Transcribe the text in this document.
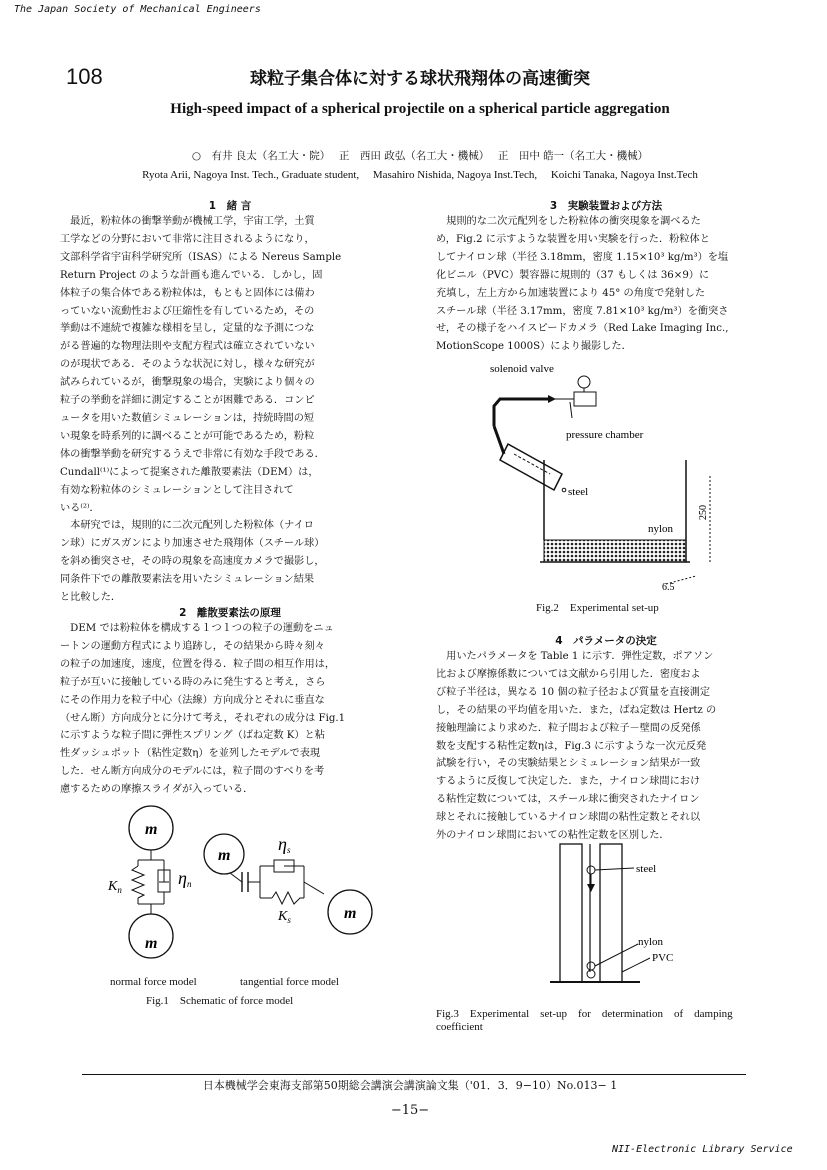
The Japan Society of Mechanical Engineers
108	球粒子集合体に対する球状飛翔体の高速衝突
High-speed impact of a spherical projectile on a spherical particle aggregation
○　有井 良太（名工大・院）　 正　西田 政弘（名工大・機械）　 正　田中 皓一（名工大・機械）
Ryota Arii, Nagoya Inst. Tech., Graduate student,　 Masahiro Nishida, Nagoya Inst.Tech,　 Koichi Tanaka, Nagoya Inst.Tech
1　緒 言
　最近，粉粒体の衝撃挙動が機械工学，宇宙工学，土質
工学などの分野において非常に注目されるようになり，
文部科学省宇宙科学研究所（ISAS）による Nereus Sample
Return Project のような計画も進んでいる．しかし，固
体粒子の集合体である粉粒体は，もともと固体には備わ
っていない流動性および圧縮性を有しているため，その
挙動は不連続で複雑な様相を呈し，定量的な予測につな
がる普遍的な物理法則や支配方程式は確立されていない
のが現状である．そのような状況に対し，様々な研究が
試みられているが，衝撃現象の場合，実験により個々の
粒子の挙動を詳細に測定することが困難である．コンピ
ュータを用いた数値シミュレーションは，持続時間の短
い現象を時系列的に調べることが可能であるため，粉粒
体の衝撃挙動を研究するうえで非常に有効な手段である．
Cundall⁽¹⁾によって提案された離散要素法（DEM）は，
有効な粉粒体のシミュレーションとして注目されて
いる⁽²⁾．
　本研究では，規則的に二次元配列した粉粒体（ナイロ
ン球）にガスガンにより加速させた飛翔体（スチール球）
を斜め衝突させ，その時の現象を高速度カメラで撮影し，
同条件下での離散要素法を用いたシミュレーション結果
と比較した．
2　離散要素法の原理
　DEM では粉粒体を構成する１つ１つの粒子の運動をニュ
ートンの運動方程式により追跡し，その結果から時々刻々
の粒子の加速度，速度，位置を得る．粒子間の相互作用は，
粒子が互いに接触している時のみに発生すると考え，さら
にその作用力を粒子中心（法線）方向成分とそれに垂直な
（せん断）方向成分とに分けて考え，それぞれの成分は Fig.1
に示すような粒子間に弾性スプリング（ばね定数 K）と粘
性ダッシュポット（粘性定数η）を並列したモデルで表現
した．せん断方向成分のモデルには，粒子間のすべりを考
慮するための摩擦スライダが入っている．
m
m
$K_n$
ηn
m
m
ηs
$K_s$
normal force model	tangential force model
Fig.1　Schematic of force model
3　実験装置および方法
　規則的な二次元配列をした粉粒体の衝突現象を調べるた
め，Fig.2 に示すような装置を用い実験を行った．粉粒体と
してナイロン球（半径 3.18mm，密度 1.15×10³ kg/m³）を塩
化ビニル（PVC）製容器に規則的（37 もしくは 36×9）に
充填し，左上方から加速装置により 45° の角度で発射した
スチール球（半径 3.17mm，密度 7.81×10³ kg/m³）を衝突さ
せ，その様子をハイスピードカメラ（Red Lake Imaging Inc.,
MotionScope 1000S）により撮影した．
solenoid valve
pressure chamber
steel
nylon
250
6.5
Fig.2　Experimental set-up
4　パラメータの決定
　用いたパラメータを Table 1 に示す．弾性定数，ポアソン
比および摩擦係数については文献から引用した．密度およ
び粒子半径は，異なる 10 個の粒子径および質量を直接測定
し，その結果の平均値を用いた．また，ばね定数は Hertz の
接触理論により求めた．粒子間および粒子－壁間の反発係
数を支配する粘性定数ηは，Fig.3 に示すような一次元反発
試験を行い，その実験結果とシミュレーション結果が一致
するように反復して決定した．また，ナイロン球間におけ
る粘性定数については，スチール球に衝突されたナイロン
球とそれに接触しているナイロン球間の粘性定数とそれ以
外のナイロン球間においての粘性定数を区別した．
steel
nylon
PVC
Fig.3　Experimental　set-up　for　determination　of　damping
coefficient
日本機械学会東海支部第50期総会講演会講演論文集（'01．3．9−10）No.013− 1
−15−
NII-Electronic Library Service
